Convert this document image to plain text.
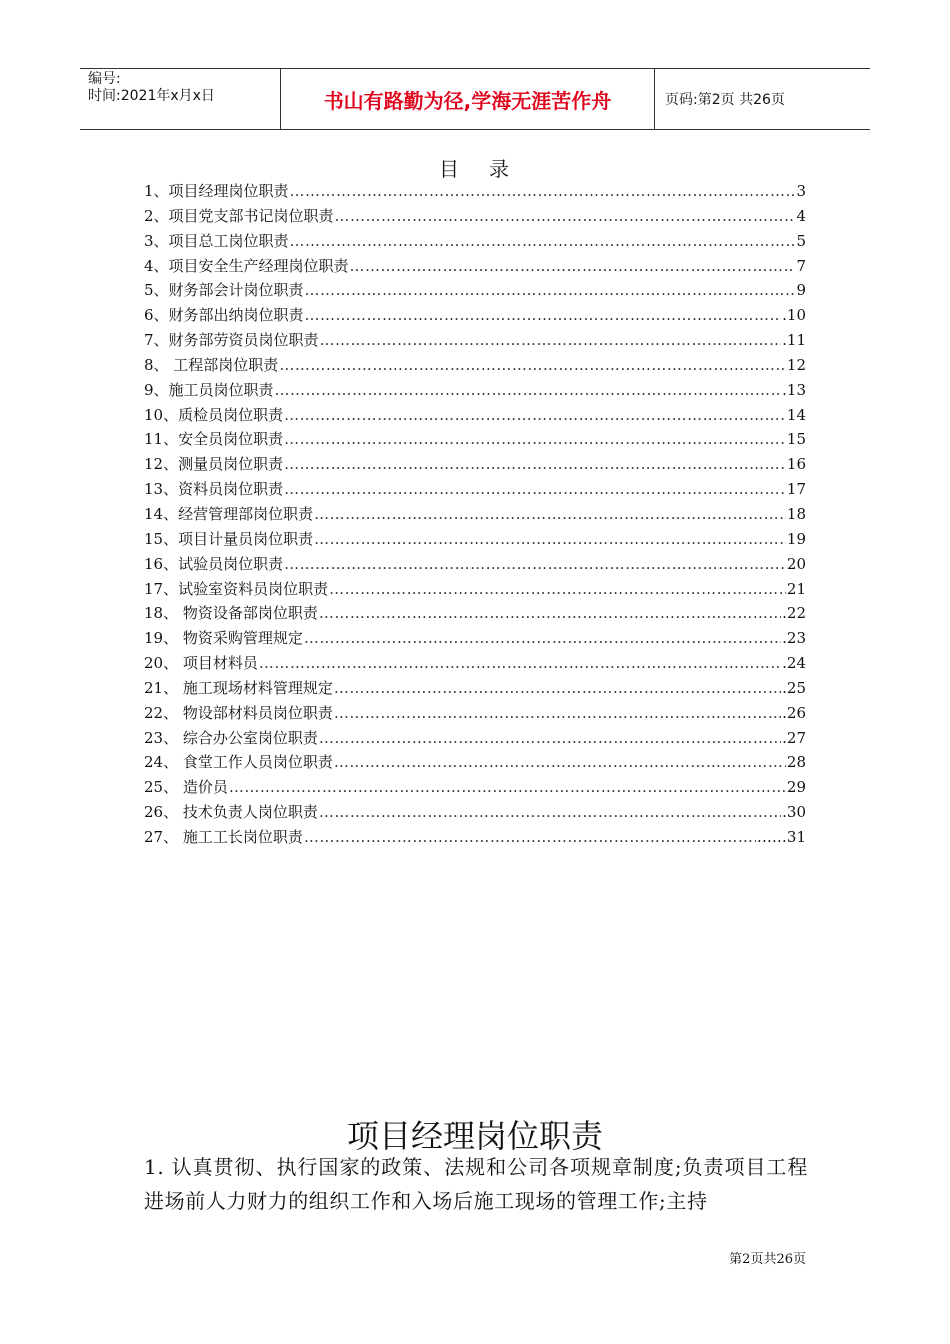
编号:
时间:2021年x月x日	书山有路勤为径,学海无涯苦作舟	页码:第2页 共26页
目 录
1、项目经理岗位职责 ……………………………………………………………………………………………………………………………………………………………………………………………	3
2、项目党支部书记岗位职责 ……………………………………………………………………………………………………………………………………………………………………………………………	4
3、项目总工岗位职责 ……………………………………………………………………………………………………………………………………………………………………………………………	5
4、项目安全生产经理岗位职责 ……………………………………………………………………………………………………………………………………………………………………………………………	7
5、财务部会计岗位职责 ……………………………………………………………………………………………………………………………………………………………………………………………	9
6、财务部出纳岗位职责 ……………………………………………………………………………………………………………………………………………………………………………………………	.10
7、财务部劳资员岗位职责 ……………………………………………………………………………………………………………………………………………………………………………………………	.11
8、 工程部岗位职责 ……………………………………………………………………………………………………………………………………………………………………………………………	12
9、施工员岗位职责 ……………………………………………………………………………………………………………………………………………………………………………………………	.13
10、质检员岗位职责 ……………………………………………………………………………………………………………………………………………………………………………………………	14
11、安全员岗位职责 ……………………………………………………………………………………………………………………………………………………………………………………………	15
12、测量员岗位职责 ……………………………………………………………………………………………………………………………………………………………………………………………	16
13、资料员岗位职责 ……………………………………………………………………………………………………………………………………………………………………………………………	17
14、经营管理部岗位职责 ……………………………………………………………………………………………………………………………………………………………………………………………	18
15、项目计量员岗位职责 ……………………………………………………………………………………………………………………………………………………………………………………………	19
16、试验员岗位职责 ……………………………………………………………………………………………………………………………………………………………………………………………	20
17、试验室资料员岗位职责 ……………………………………………………………………………………………………………………………………………………………………………………………	21
18、 物资设备部岗位职责 ……………………………………………………………………………………………………………………………………………………………………………………………	.22
19、 物资采购管理规定 ……………………………………………………………………………………………………………………………………………………………………………………………	.23
20、 项目材料员 ……………………………………………………………………………………………………………………………………………………………………………………………	.24
21、 施工现场材料管理规定 ……………………………………………………………………………………………………………………………………………………………………………………………	.25
22、 物设部材料员岗位职责 ……………………………………………………………………………………………………………………………………………………………………………………………	.26
23、 综合办公室岗位职责 ……………………………………………………………………………………………………………………………………………………………………………………………	.27
24、 食堂工作人员岗位职责 ……………………………………………………………………………………………………………………………………………………………………………………………	28
25、 造价员 ……………………………………………………………………………………………………………………………………………………………………………………………	29
26、 技术负责人岗位职责 ……………………………………………………………………………………………………………………………………………………………………………………………	.30
27、 施工工长岗位职责 ……………………………………………………………………………………………………………………………………………………………………………………………	……31
项目经理岗位职责

1. 认真贯彻、执行国家的政策、法规和公司各项规章制度;负责项目工程进场前人力财力的组织工作和入场后施工现场的管理工作;主持

第2页共26页
